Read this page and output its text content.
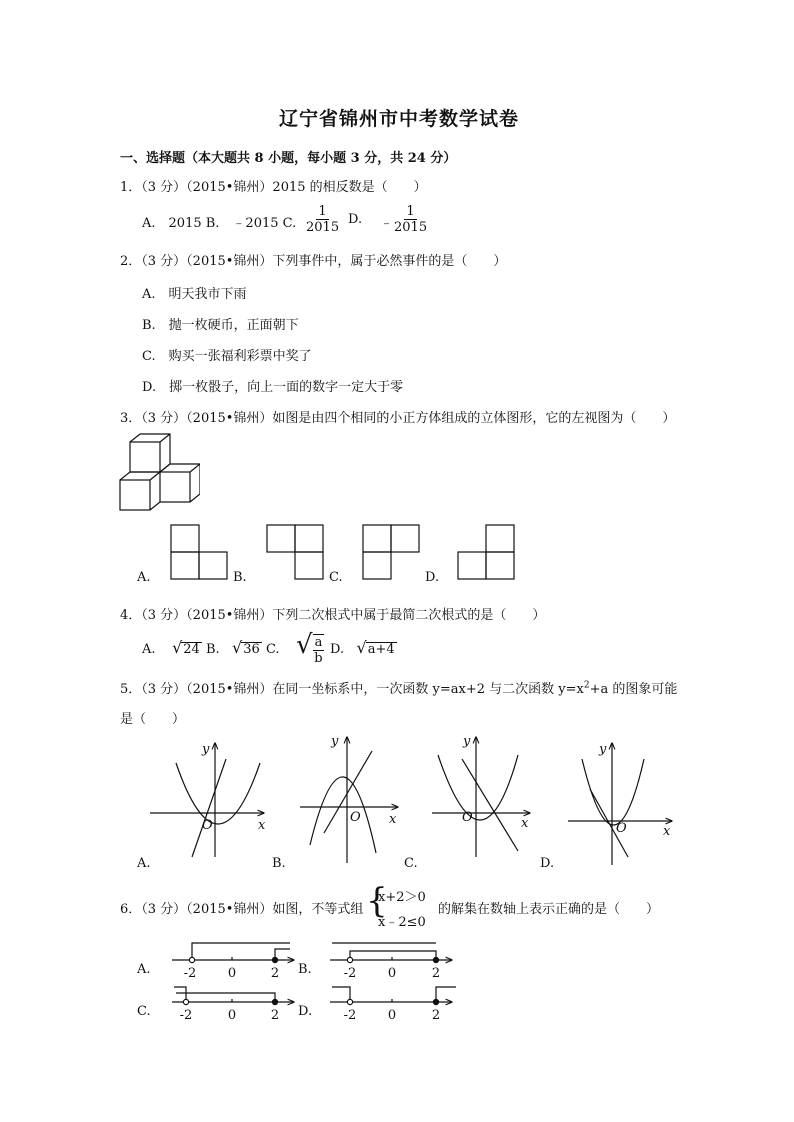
辽宁省锦州市中考数学试卷
一、选择题（本大题共 8 小题，每小题 3 分，共 24 分）
1．（3 分）（2015•锦州）2015 的相反数是（　　）
A.　2015 B.　﹣2015 C. $\frac{1}{2015} D$. ﹣ $\frac{1}{2015}$
2．（3 分）（2015•锦州）下列事件中，属于必然事件的是（　　）
A.　明天我市下雨
B.　抛一枚硬币，正面朝下
C.　购买一张福利彩票中奖了
D.　掷一枚骰子，向上一面的数字一定大于零
3．（3 分）（2015•锦州）如图是由四个相同的小正方体组成的立体图形，它的左视图为（　　）
A.	B.	C.	D.
4．（3 分）（2015•锦州）下列二次根式中属于最简二次根式的是（　　）
A. √24 B. √36 C. √ $\frac{a}{b} D$. √a+4
5．（3 分）（2015•锦州）在同一坐标系中，一次函数 y=ax+2 与二次函数 $y=x^2+a$ 的图象可能
是（　　）
y
x
O
y
x
O
y
x
O
y
x
O
A.	B.	C.	D.
6．（3 分）（2015•锦州）如图，不等式组 {
x+2＞0
x﹣2≤0
的解集在数轴上表示正确的是（　　）
A.	B.
C.	D.
-2 0	2	-2 0	2
-2	0	2	-2 0	2
